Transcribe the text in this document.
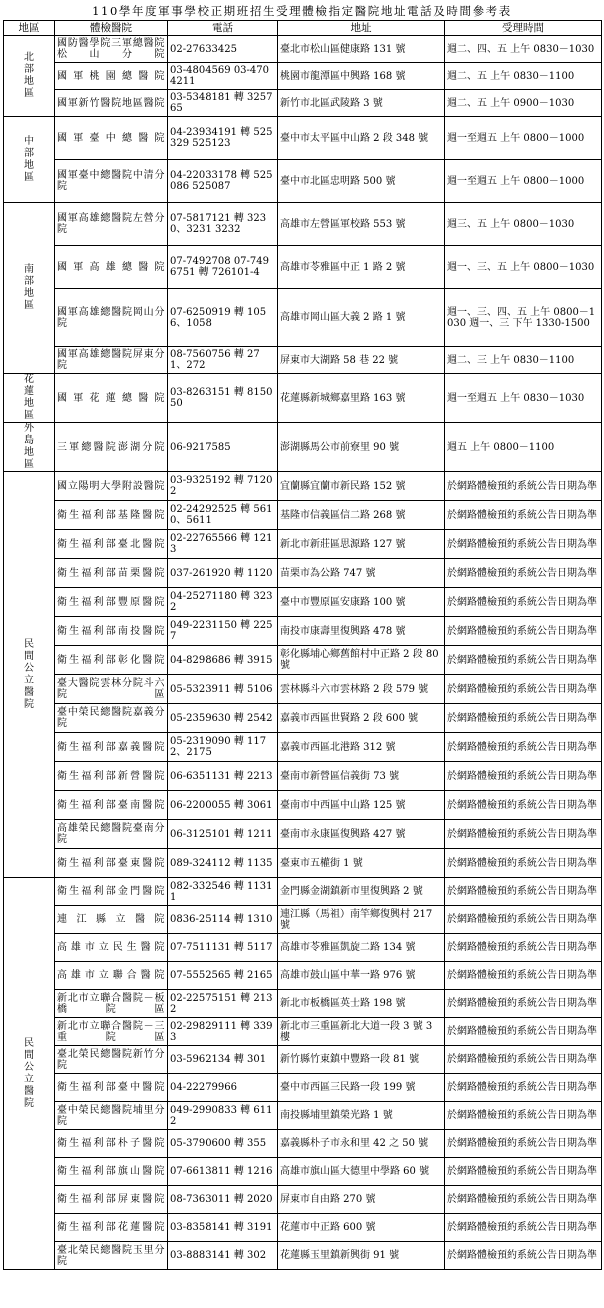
110學年度軍事學校正期班招生受理體檢指定醫院地址電話及時間參考表
地區	體檢醫院	電話	地址	受理時間
北部地區	國防醫學院三軍總醫院松山分院	02-27633425	臺北市松山區健康路 131 號	週二、四、五 上午 0830－1030
	國軍桃園總醫院	03-4804569 03-4704211	桃園市龍潭區中興路 168 號	週二、五 上午 0830－1100
	國軍新竹醫院地區醫院	03-5348181 轉 325765	新竹市北區武陵路 3 號	週二、五 上午 0900－1030
中部地區	國軍臺中總醫院	04-23934191 轉 525329 525123	臺中市太平區中山路 2 段 348 號	週一至週五 上午 0800－1000
	國軍臺中總醫院中清分院	04-22033178 轉 525086 525087	臺中市北區忠明路 500 號	週一至週五 上午 0800－1000
南部地區	國軍高雄總醫院左營分院	07-5817121 轉 3230、3231 3232	高雄市左營區軍校路 553 號	週三、五 上午 0800－1030
	國軍高雄總醫院	07-7492708 07-7496751 轉 726101-4	高雄市苓雅區中正 1 路 2 號	週一、三、五 上午 0800－1030
	國軍高雄總醫院岡山分院	07-6250919 轉 1056、1058	高雄市岡山區大義 2 路 1 號	週一、三、四、五 上午 0800－1030 週一、三 下午 1330-1500
	國軍高雄總醫院屏東分院	08-7560756 轉 271、272	屏東市大湖路 58 巷 22 號	週二、三 上午 0830－1100
花蓮地區	國軍花蓮總醫院	03-8263151 轉 815050	花蓮縣新城鄉嘉里路 163 號	週一至週五 上午 0830－1030
外島地區	三軍總醫院澎湖分院	06-9217585	澎湖縣馬公市前寮里 90 號	週五 上午 0800－1100
民間公立醫院	國立陽明大學附設醫院	03-9325192 轉 71202	宜蘭縣宜蘭市新民路 152 號	於網路體檢預約系統公告日期為準
	衛生福利部基隆醫院	02-24292525 轉 5610、5611	基隆市信義區信二路 268 號	於網路體檢預約系統公告日期為準
	衛生福利部臺北醫院	02-22765566 轉 1213	新北市新莊區思源路 127 號	於網路體檢預約系統公告日期為準
	衛生福利部苗栗醫院	037-261920 轉 1120	苗栗市為公路 747 號	於網路體檢預約系統公告日期為準
	衛生福利部豐原醫院	04-25271180 轉 3232	臺中市豐原區安康路 100 號	於網路體檢預約系統公告日期為準
	衛生福利部南投醫院	049-2231150 轉 2257	南投市康壽里復興路 478 號	於網路體檢預約系統公告日期為準
	衛生福利部彰化醫院	04-8298686 轉 3915	彰化縣埔心鄉舊館村中正路 2 段 80 號	於網路體檢預約系統公告日期為準
	臺大醫院雲林分院斗六院區	05-5323911 轉 5106	雲林縣斗六市雲林路 2 段 579 號	於網路體檢預約系統公告日期為準
	臺中榮民總醫院嘉義分院	05-2359630 轉 2542	嘉義市西區世賢路 2 段 600 號	於網路體檢預約系統公告日期為準
	衛生福利部嘉義醫院	05-2319090 轉 1172、2175	嘉義市西區北港路 312 號	於網路體檢預約系統公告日期為準
	衛生福利部新營醫院	06-6351131 轉 2213	臺南市新營區信義街 73 號	於網路體檢預約系統公告日期為準
	衛生福利部臺南醫院	06-2200055 轉 3061	臺南市中西區中山路 125 號	於網路體檢預約系統公告日期為準
	高雄榮民總醫院臺南分院	06-3125101 轉 1211	臺南市永康區復興路 427 號	於網路體檢預約系統公告日期為準
	衛生福利部臺東醫院	089-324112 轉 1135	臺東市五權街 1 號	於網路體檢預約系統公告日期為準
民間公立醫院	衛生福利部金門醫院	082-332546 轉 11311	金門縣金湖鎮新市里復興路 2 號	於網路體檢預約系統公告日期為準
	連江縣立醫院	0836-25114 轉 1310	連江縣（馬祖）南竿鄉復興村 217 號	於網路體檢預約系統公告日期為準
	高雄市立民生醫院	07-7511131 轉 5117	高雄市苓雅區凱旋二路 134 號	於網路體檢預約系統公告日期為準
	高雄市立聯合醫院	07-5552565 轉 2165	高雄市鼓山區中華一路 976 號	於網路體檢預約系統公告日期為準
	新北市立聯合醫院－板橋院區	02-22575151 轉 2132	新北市板橋區英士路 198 號	於網路體檢預約系統公告日期為準
	新北市立聯合醫院－三重院區	02-29829111 轉 3393	新北市三重區新北大道一段 3 號 3 樓	於網路體檢預約系統公告日期為準
	臺北榮民總醫院新竹分院	03-5962134 轉 301	新竹縣竹東鎮中豐路一段 81 號	於網路體檢預約系統公告日期為準
	衛生福利部臺中醫院	04-22279966	臺中市西區三民路一段 199 號	於網路體檢預約系統公告日期為準
	臺中榮民總醫院埔里分院	049-2990833 轉 6112	南投縣埔里鎮榮光路 1 號	於網路體檢預約系統公告日期為準
	衛生福利部朴子醫院	05-3790600 轉 355	嘉義縣朴子市永和里 42 之 50 號	於網路體檢預約系統公告日期為準
	衛生福利部旗山醫院	07-6613811 轉 1216	高雄市旗山區大德里中學路 60 號	於網路體檢預約系統公告日期為準
	衛生福利部屏東醫院	08-7363011 轉 2020	屏東市自由路 270 號	於網路體檢預約系統公告日期為準
	衛生福利部花蓮醫院	03-8358141 轉 3191	花蓮市中正路 600 號	於網路體檢預約系統公告日期為準
	臺北榮民總醫院玉里分院	03-8883141 轉 302	花蓮縣玉里鎮新興街 91 號	於網路體檢預約系統公告日期為準
